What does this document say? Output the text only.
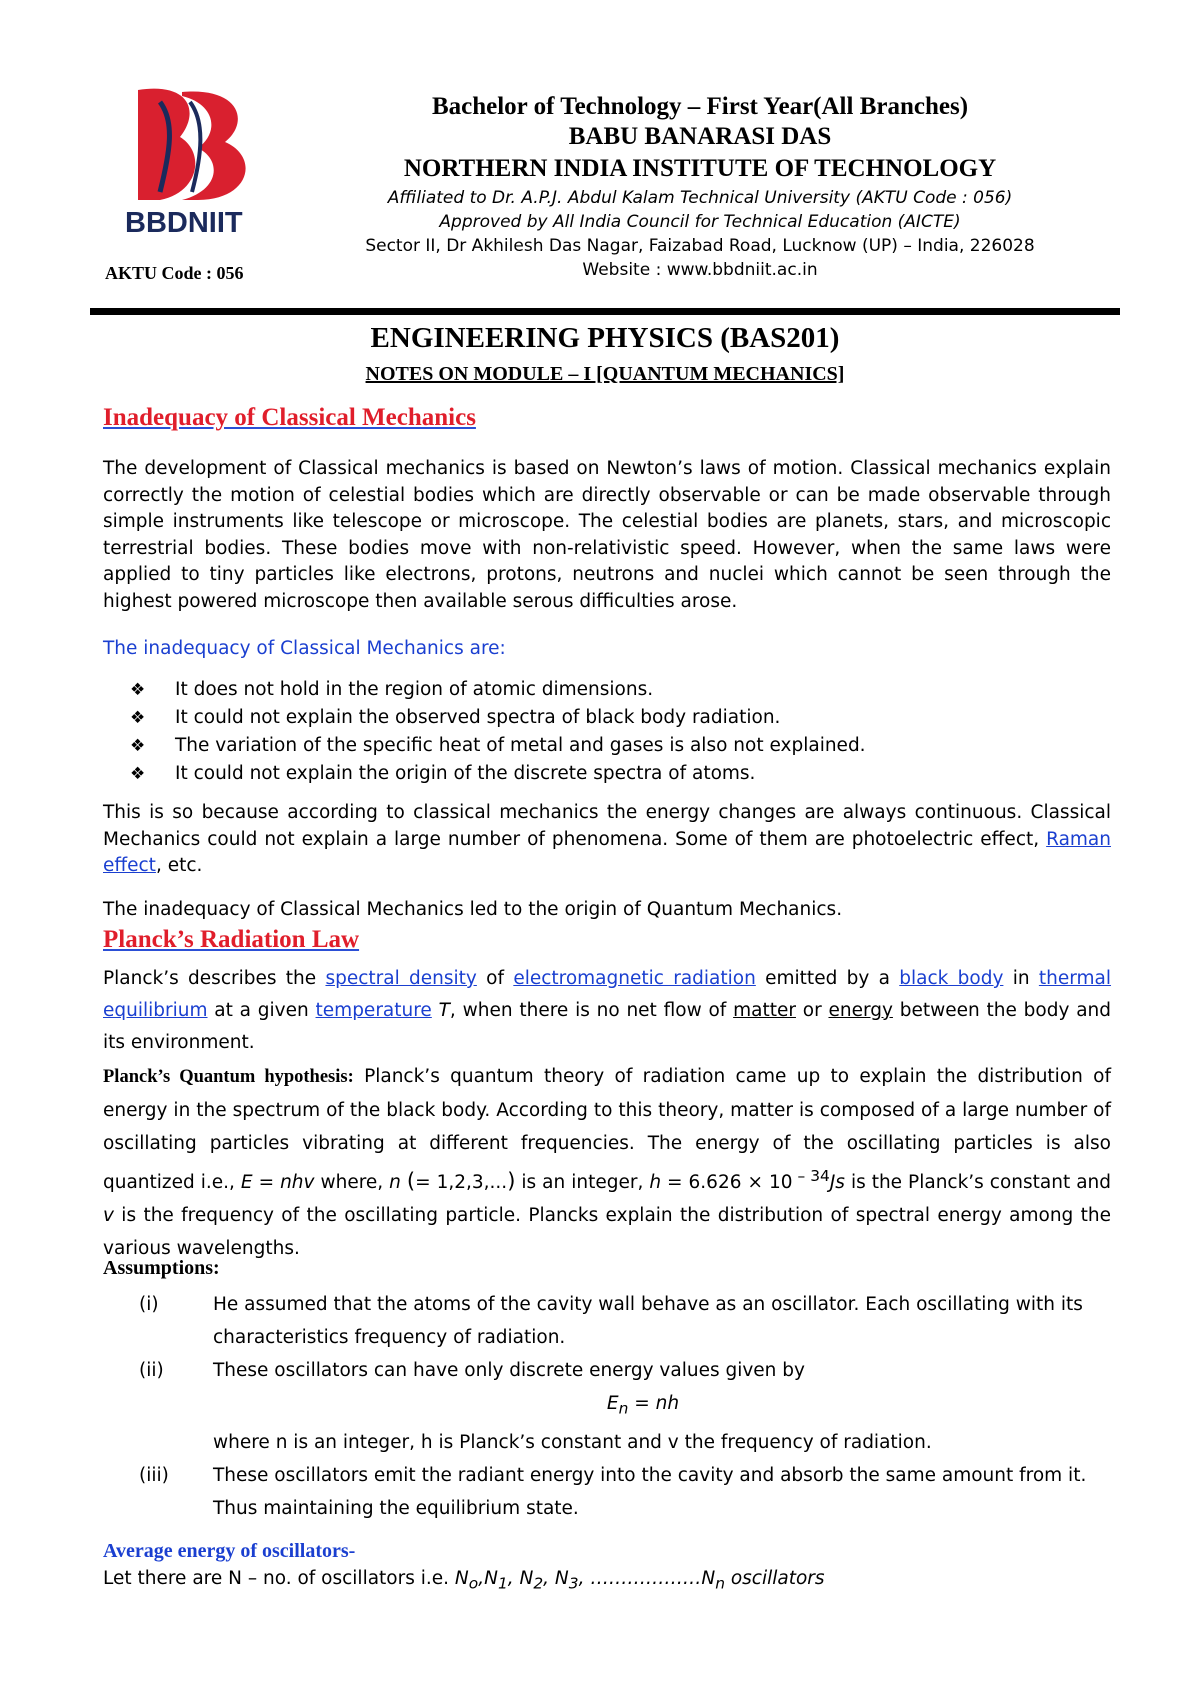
BBDNIIT
AKTU Code : 056
Bachelor of Technology – First Year(All Branches)
BABU BANARASI DAS
NORTHERN INDIA INSTITUTE OF TECHNOLOGY
Affiliated to Dr. A.P.J. Abdul Kalam Technical University (AKTU Code : 056)
Approved by All India Council for Technical Education (AICTE)
Sector II, Dr Akhilesh Das Nagar, Faizabad Road, Lucknow (UP) – India, 226028
Website : www.bbdniit.ac.in
ENGINEERING PHYSICS (BAS201)
NOTES ON MODULE – I [QUANTUM MECHANICS]
Inadequacy of Classical Mechanics
The development of Classical mechanics is based on Newton’s laws of motion. Classical mechanics explain correctly the motion of celestial bodies which are directly observable or can be made observable through simple instruments like telescope or microscope. The celestial bodies are planets, stars, and microscopic terrestrial bodies. These bodies move with non-relativistic speed. However, when the same laws were applied to tiny particles like electrons, protons, neutrons and nuclei which cannot be seen through the highest powered microscope then available serous difficulties arose.
The inadequacy of Classical Mechanics are:
❖	It does not hold in the region of atomic dimensions.
❖	It could not explain the observed spectra of black body radiation.
❖	The variation of the specific heat of metal and gases is also not explained.
❖	It could not explain the origin of the discrete spectra of atoms.
This is so because according to classical mechanics the energy changes are always continuous. Classical Mechanics could not explain a large number of phenomena. Some of them are photoelectric effect, Raman effect, etc.
The inadequacy of Classical Mechanics led to the origin of Quantum Mechanics.
Planck’s Radiation Law
Planck’s describes the spectral density of electromagnetic radiation emitted by a black body in thermal equilibrium at a given temperature T, when there is no net flow of matter or energy between the body and its environment.
Planck’s Quantum hypothesis: Planck’s quantum theory of radiation came up to explain the distribution of energy in the spectrum of the black body. According to this theory, matter is composed of a large number of oscillating particles vibrating at different frequencies. The energy of the oscillating particles is also quantized i.e., E = nhv where, n (= 1,2,3,...) is an integer, h = 6.626 × 10 $^{- 34}$Js is the Planck’s constant and v is the frequency of the oscillating particle. Plancks explain the distribution of spectral energy among the various wavelengths.
Assumptions:
(i)	He assumed that the atoms of the cavity wall behave as an oscillator. Each oscillating with its characteristics frequency of radiation.
(ii)	These oscillators can have only discrete energy values given by
$E_n$ = nh
where n is an integer, h is Planck’s constant and v the frequency of radiation.
(iii)	These oscillators emit the radiant energy into the cavity and absorb the same amount from it. Thus maintaining the equilibrium state.
Average energy of oscillators-
Let there are N – no. of oscillators i.e. $N_o,N_1$, $N_2$, $N_3$, $\dots\dots\dots\dots\dots\dots N_n$ oscillators
